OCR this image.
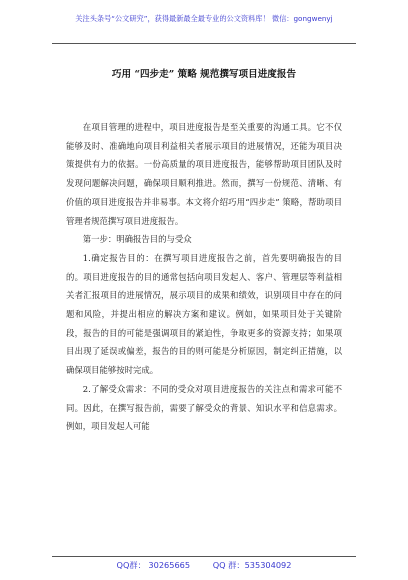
关注头条号“公文研究”，获得最新最全最专业的公文资料库！ 微信：gongwenyj
巧用 “四步走” 策略 规范撰写项目进度报告

在项目管理的进程中，项目进度报告是至关重要的沟通工具。它不仅能够及时、准确地向项目利益相关者展示项目的进展情况，还能为项目决策提供有力的依据。一份高质量的项目进度报告，能够帮助项目团队及时发现问题解决问题，确保项目顺利推进。然而，撰写一份规范、清晰、有价值的项目进度报告并非易事。本文将介绍巧用“四步走” 策略，帮助项目管理者规范撰写项目进度报告。

第一步：明确报告目的与受众

1.确定报告目的：在撰写项目进度报告之前，首先要明确报告的目的。项目进度报告的目的通常包括向项目发起人、客户、管理层等利益相关者汇报项目的进展情况，展示项目的成果和绩效，识别项目中存在的问题和风险，并提出相应的解决方案和建议。例如，如果项目处于关键阶段，报告的目的可能是强调项目的紧迫性，争取更多的资源支持；如果项目出现了延误或偏差，报告的目的则可能是分析原因，制定纠正措施，以确保项目能够按时完成。

2.了解受众需求：不同的受众对项目进度报告的关注点和需求可能不同。因此，在撰写报告前，需要了解受众的背景、知识水平和信息需求。例如，项目发起人可能

QQ群： 30265665	QQ 群：535304092
